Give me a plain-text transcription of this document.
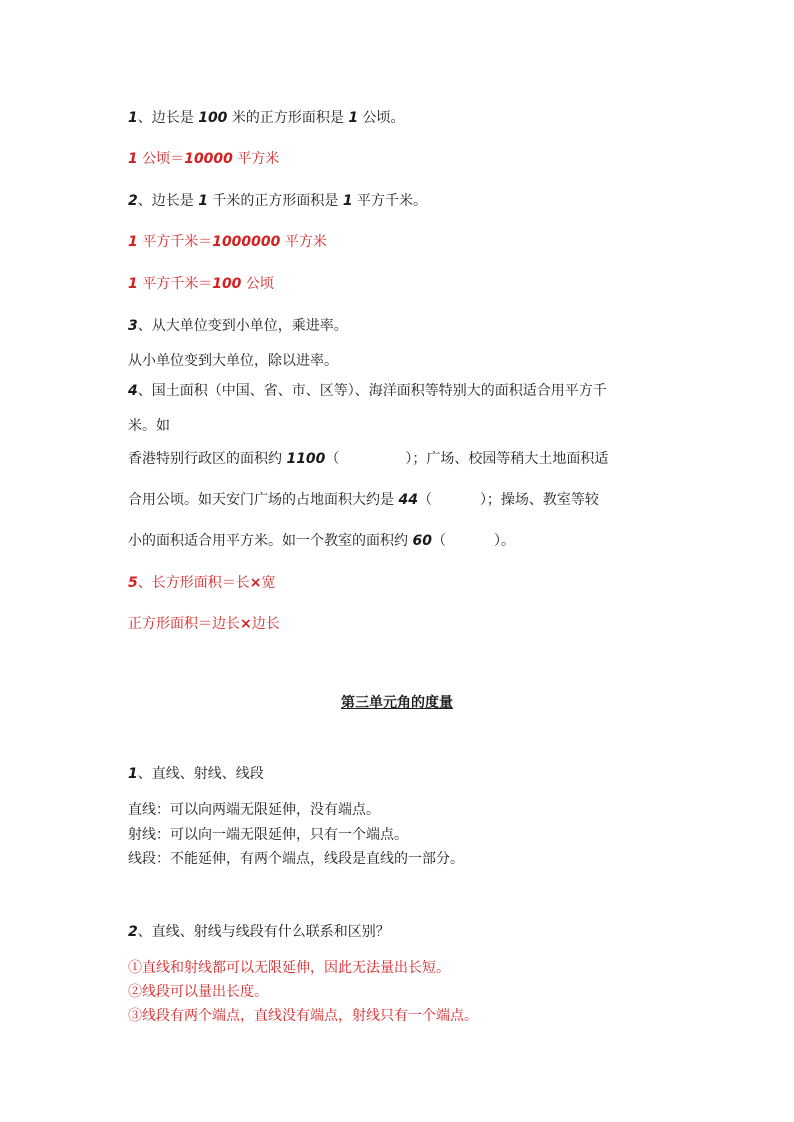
1、边长是 100 米的正方形面积是 1 公顷。
1 公顷＝10000 平方米
2、边长是 1 千米的正方形面积是 1 平方千米。
1 平方千米＝1000000 平方米
1 平方千米＝100 公顷
3、从大单位变到小单位，乘进率。
从小单位变到大单位，除以进率。
4、国土面积（中国、省、市、区等）、海洋面积等特别大的面积适合用平方千
米。如
香港特别行政区的面积约 1100（	）；广场、校园等稍大土地面积适
合用公顷。如天安门广场的占地面积大约是 44（	）；操场、教室等较
小的面积适合用平方米。如一个教室的面积约 60（	）。
5、长方形面积＝长×宽
正方形面积＝边长×边长
第三单元角的度量
1、直线、射线、线段
直线：可以向两端无限延伸，没有端点。
射线：可以向一端无限延伸，只有一个端点。
线段：不能延伸，有两个端点，线段是直线的一部分。
2、直线、射线与线段有什么联系和区别？
①直线和射线都可以无限延伸，因此无法量出长短。
②线段可以量出长度。
③线段有两个端点，直线没有端点，射线只有一个端点。
